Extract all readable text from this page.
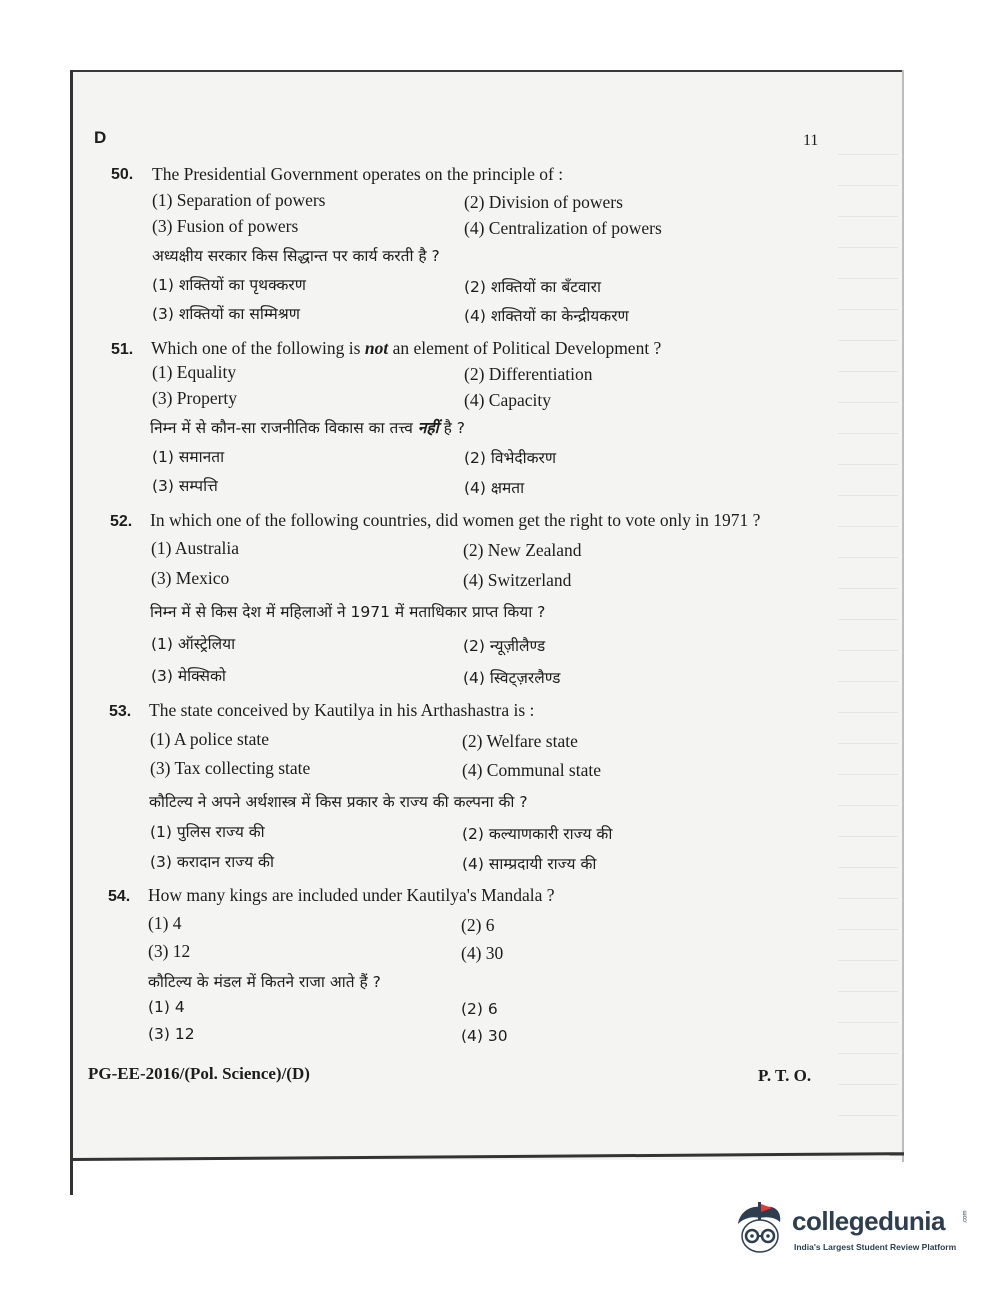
D	11
50. The Presidential Government operates on the principle of :
(1) Separation of powers	(2) Division of powers
(3) Fusion of powers	(4) Centralization of powers
अध्यक्षीय सरकार किस सिद्धान्त पर कार्य करती है ?
(1) शक्तियों का पृथक्करण	(2) शक्तियों का बँटवारा
(3) शक्तियों का सम्मिश्रण	(4) शक्तियों का केन्द्रीयकरण
51. Which one of the following is not an element of Political Development ?
(1) Equality	(2) Differentiation
(3) Property	(4) Capacity
निम्न में से कौन-सा राजनीतिक विकास का तत्त्व नहीं है ?
(1) समानता	(2) विभेदीकरण
(3) सम्पत्ति	(4) क्षमता
52. In which one of the following countries, did women get the right to vote only in 1971 ?
(1) Australia	(2) New Zealand
(3) Mexico	(4) Switzerland
निम्न में से किस देश में महिलाओं ने 1971 में मताधिकार प्राप्त किया ?
(1) ऑस्ट्रेलिया	(2) न्यूज़ीलैण्ड
(3) मेक्सिको	(4) स्विट्ज़रलैण्ड
53. The state conceived by Kautilya in his Arthashastra is :
(1) A police state	(2) Welfare state
(3) Tax collecting state	(4) Communal state
कौटिल्य ने अपने अर्थशास्त्र में किस प्रकार के राज्य की कल्पना की ?
(1) पुलिस राज्य की	(2) कल्याणकारी राज्य की
(3) करादान राज्य की	(4) साम्प्रदायी राज्य की
54. How many kings are included under Kautilya's Mandala ?
(1) 4	(2) 6
(3) 12	(4) 30
कौटिल्य के मंडल में कितने राजा आते हैं ?
(1) 4	(2) 6
(3) 12	(4) 30
PG-EE-2016/(Pol. Science)/(D)	P. T. O.
collegedunia	.com
India's Largest Student Review Platform
